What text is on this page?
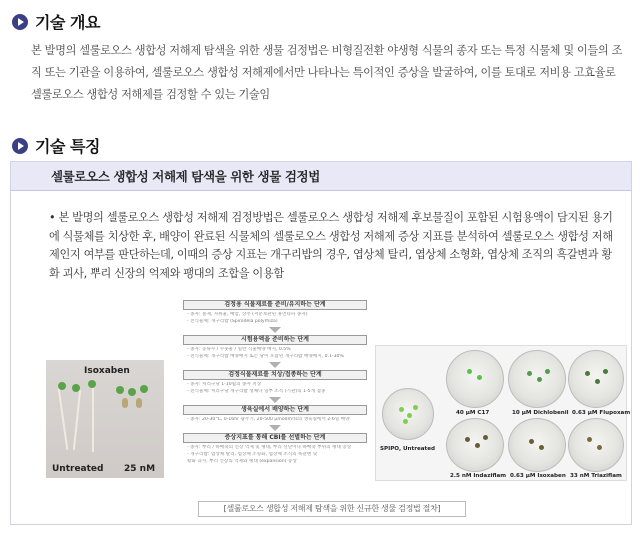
기술 개요

본 발명의 셀룰로오스 생합성 저해제 탐색을 위한 생물 검정법은 비형질전환 야생형 식물의 종자 또는 특정 식물체 및 이들의 조직 또는 기관을 이용하여, 셀룰로오스 생합성 저해제에서만 나타나는 특이적인 증상을 발굴하여, 이를 토대로 저비용 고효율로 셀룰로오스 생합성 저해제를 검정할 수 있는 기술임

기술 특징
셀룰로오스 생합성 저해제 탐색을 위한 생물 검정법

• 본 발명의 셀룰로오스 생합성 저해제 검정방법은 셀룰로오스 생합성 저해제 후보물질이 포함된 시험용액이 담지된 용기에 식물체를 치상한 후, 배양이 완료된 식물체의 셀룰로오스 생합성 저해제 증상 지표를 분석하여 셀룰로오스 생합성 저해제인지 여부를 판단하는데, 이때의 증상 지표는 개구리밥의 경우, 엽상체 탈리, 엽상체 소형화, 엽상체 조직의 흑갈변과 황화 괴사, 뿌리 신장의 억제와 팽대의 조합을 이용함

Isoxaben
Untreated 25 nM
검정용 식물재료를 준비/유지하는 단계
- 종자: 볼제, 자위율, 배암, 상추 (저분보관된 휴면타파 종자)
- 전식물체: 개구리밥 (Spirodela polyrhiza)
시험용액을 준비하는 단계
- 종자: 증류수 / 수돗물 / 일반 식물배양 배지, 0.5%
- 전식물체: 개구리밥 배양배지 또는 당이 포함된 개구리밥 배양배지, 0.1-30%
검정식물재료를 치상/접종하는 단계
- 종자: 처리구당 1-10립의 종자 치상
- 전식물체: 처리구당 개구리밥 성체나 일부 조직 (기관)의 1-5개 접종
생육실에서 배양하는 단계
- 종자: 20-30°C, 0-16hr 광주기, 20-500 μmol/m²/s의 생육실에서 2-6일 배양
증상지표를 통해 CBI를 선별하는 단계
- 종자: 뿌리 / 하배축의 신장 억제 및 팽대, 뿌리 선단이나 하배축 부위의 팽대 증상
- 개구리밥: 엽상체 탈리, 엽상체 소형화, 엽상체 조직의 흑갈변 및
황화 괴사, 뿌리 신장의 억제와 팽대 (expansion) 증상
SPIPO, Untreated
40 μM C17	10 μM Dichlobenil 0.63 μM Flupoxam
2.5 nM Indaziflam 0.63 μM Isoxaben 33 nM Triaziflam
[셀룰로오스 생합성 저해제 탐색을 위한 신규한 생물 검정법 절차]
